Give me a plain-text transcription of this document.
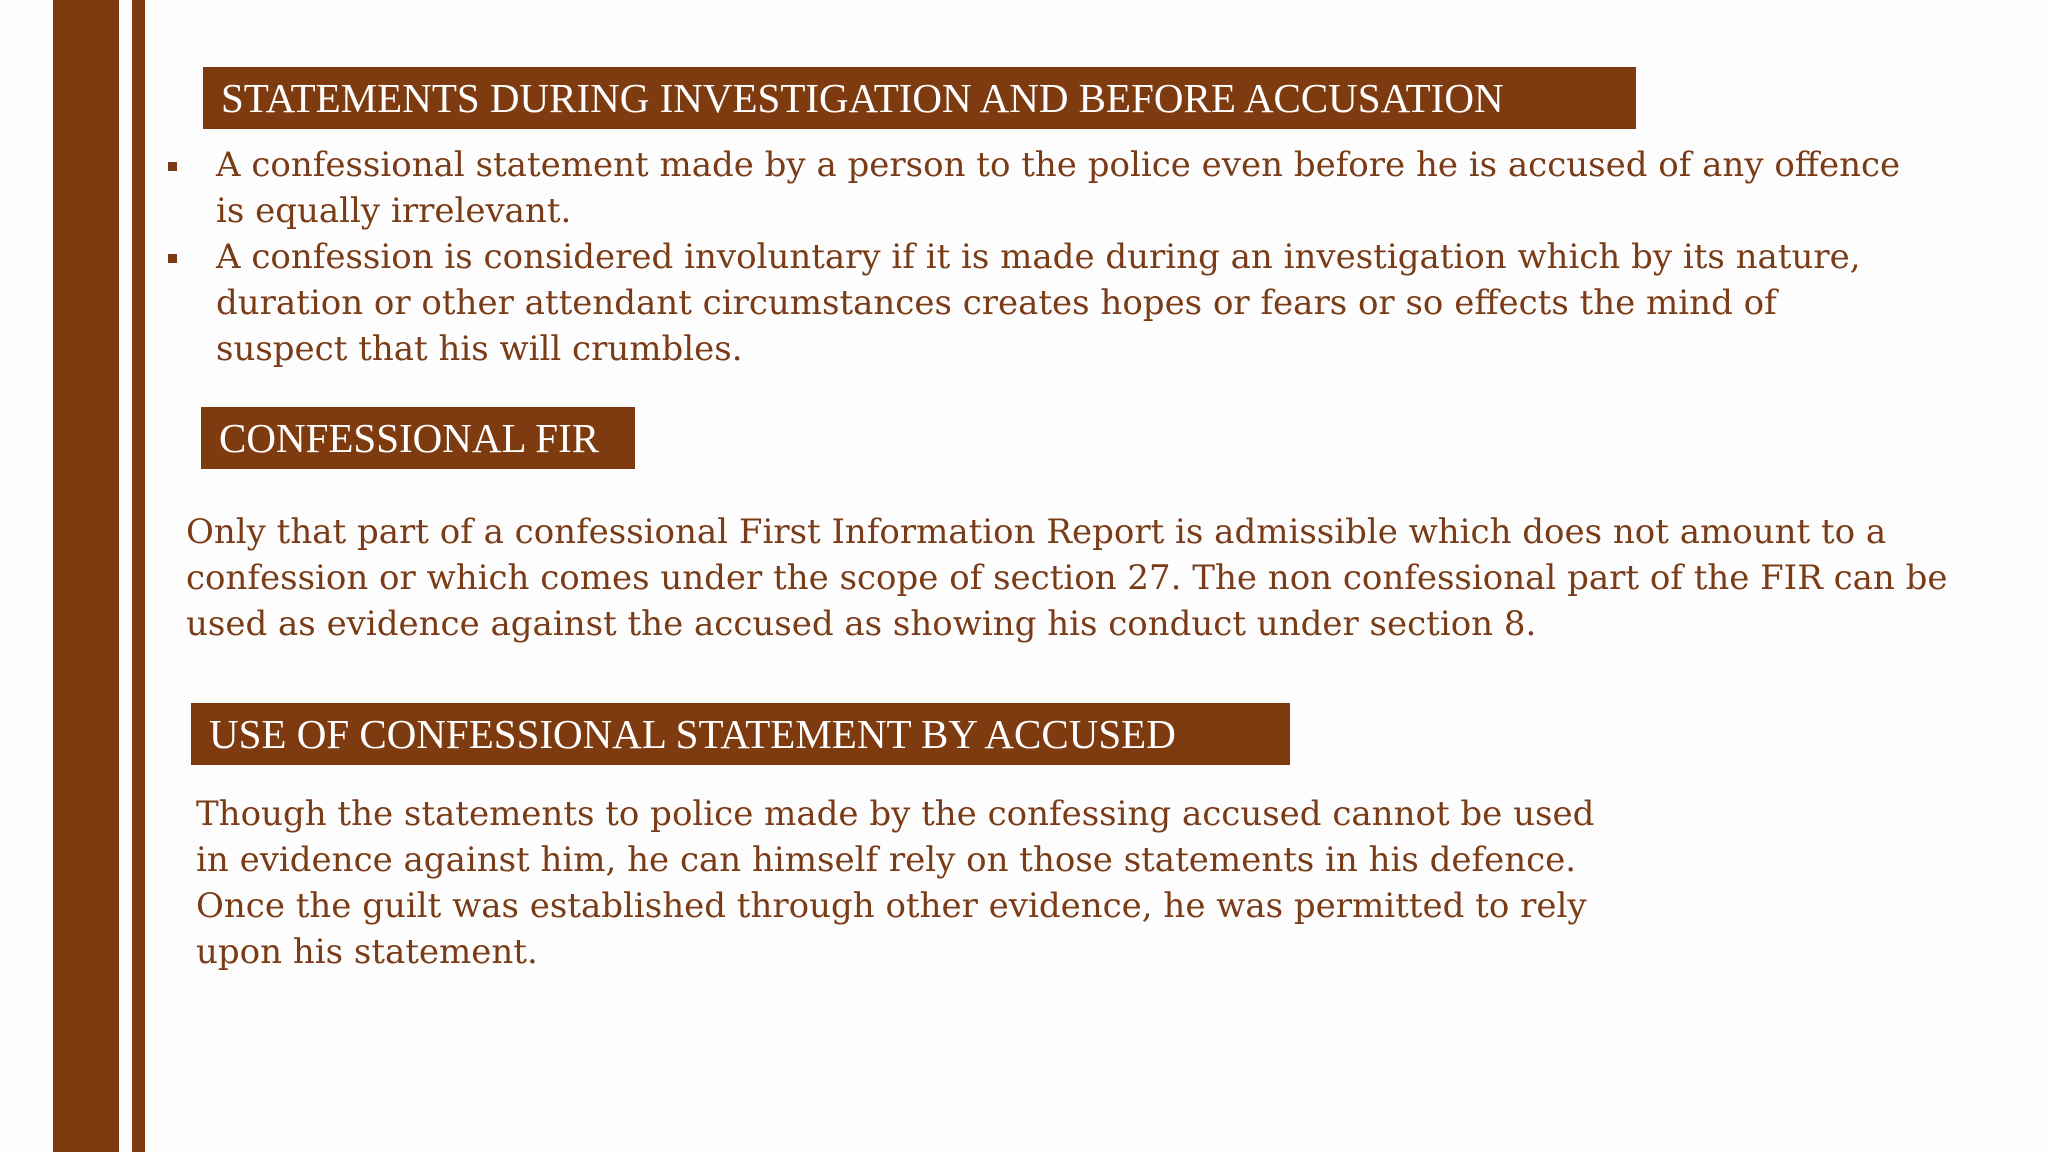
STATEMENTS DURING INVESTIGATION AND BEFORE ACCUSATION
A confessional statement made by a person to the police even before he is accused of any offence
is equally irrelevant.
A confession is considered involuntary if it is made during an investigation which by its nature,
duration or other attendant circumstances creates hopes or fears or so effects the mind of
suspect that his will crumbles.
CONFESSIONAL FIR

Only that part of a confessional First Information Report is admissible which does not amount to a
confession or which comes under the scope of section 27. The non confessional part of the FIR can be
used as evidence against the accused as showing his conduct under section 8.

USE OF CONFESSIONAL STATEMENT BY ACCUSED

Though the statements to police made by the confessing accused cannot be used
in evidence against him, he can himself rely on those statements in his defence.
Once the guilt was established through other evidence, he was permitted to rely
upon his statement.
